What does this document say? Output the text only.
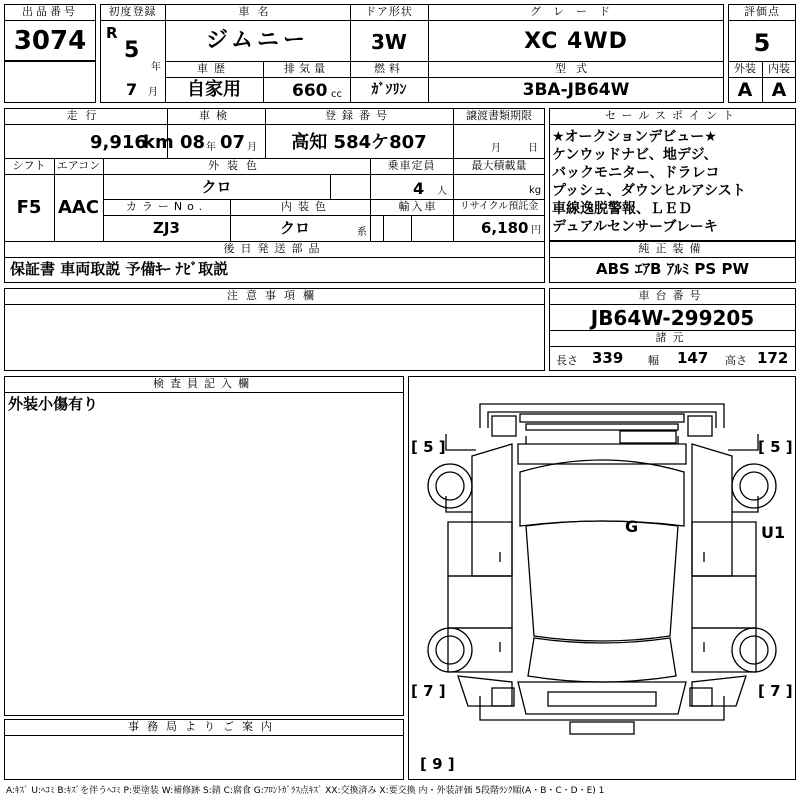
出品番号
3074
初度登録
R
5
年
7 月
車名
ジムニー
ドア形状
3W
グレード
XC 4WD
車歴
自家用
排気量
660 cc
燃料
ｶﾞｿﾘﾝ
型式
3BA-JB64W
評価点
5
外装	内装
A	A
走行
9,916
km
車検
08 年 07 月
登録番号
高知 584ケ807
譲渡書類期限
月	日
シフト
F5
エアコン
AAC
外装色
クロ
乗車定員
4 人
最大積載量
kg
カラーNo.
ZJ3
内装色
クロ	系
輸入車	リサイクル預託金
6,180 円
後日発送部品
保証書 車両取説 予備ｷｰ ﾅﾋﾞ取説
セールスポイント
★オークションデビュー★
ケンウッドナビ、地デジ、
バックモニター、ドラレコ
プッシュ、ダウンヒルアシスト
車線逸脱警報、ＬＥＤ
デュアルセンサーブレーキ
純正装備
ABS ｴｱB ｱﾙﾐ PS PW
注意事項欄	車台番号
JB64W-299205
諸元
長さ 339 幅 147 高さ 172
検査員記入欄
外装小傷有り
事務局よりご案内
[ 5 ]	[ 5 ]
[ 7 ]	[ 7 ]
[ 9 ]
G	U1
A:ｷｽﾞ U:ﾍｺﾐ B:ｷｽﾞを伴うﾍｺﾐ P:要塗装 W:補修跡 S:錆 C:腐食 G:ﾌﾛﾝﾄｶﾞﾗｽ点ｷｽﾞ XX:交換済み X:要交換 内・外装評価 5段階ﾗﾝｸ順(A・B・C・D・E) 1
